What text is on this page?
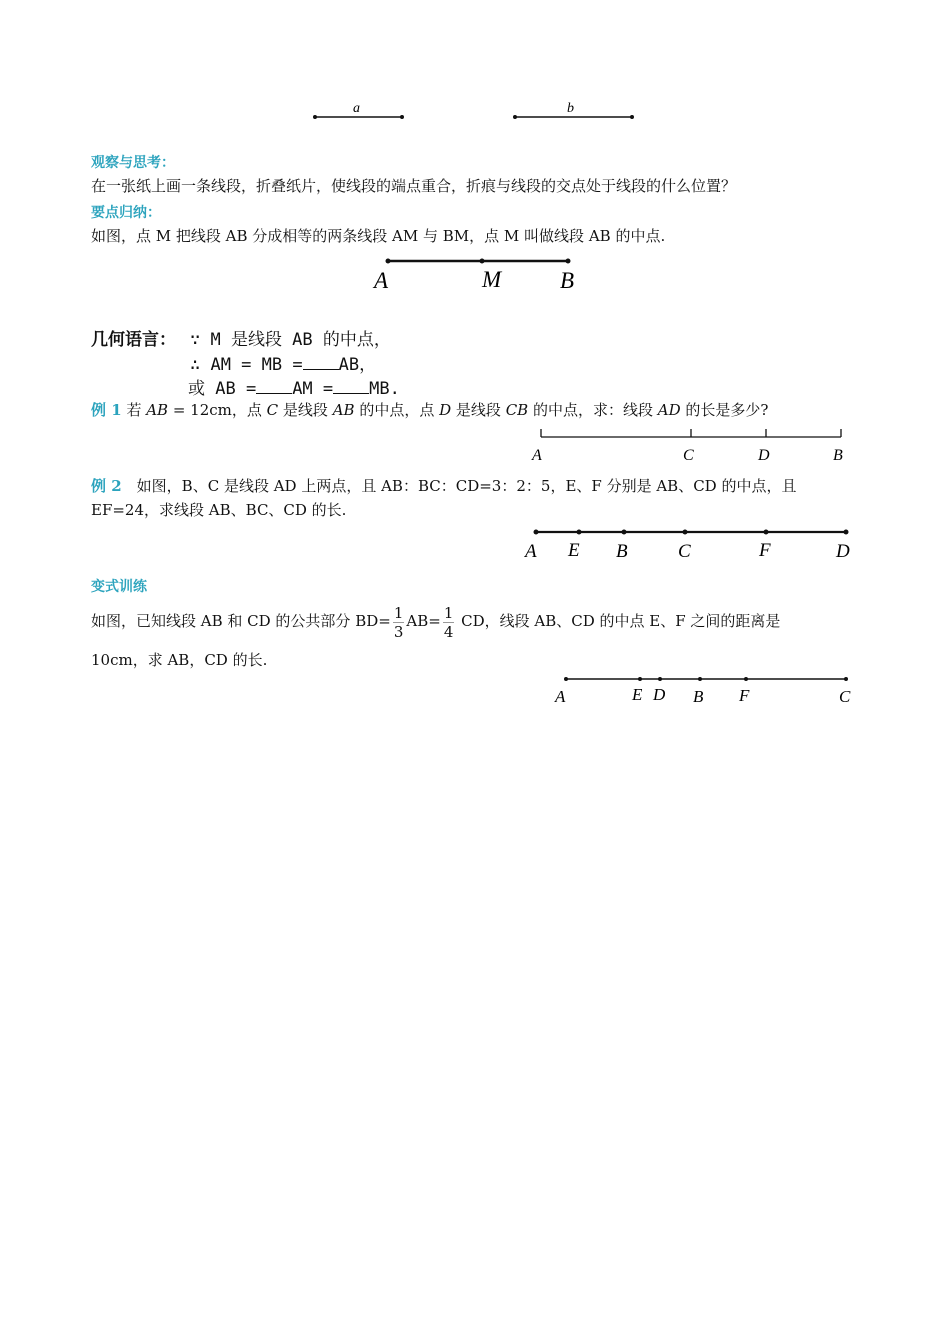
a	b
观察与思考：
在一张纸上画一条线段，折叠纸片，使线段的端点重合，折痕与线段的交点处于线段的什么位置？
要点归纳：
如图，点 M 把线段 AB 分成相等的两条线段 AM 与 BM，点 M 叫做线段 AB 的中点.
A	M	B
几何语言： ∵ M 是线段 AB 的中点，
∴ AM = MB = AB，
或 AB = AM = MB.
例 1 若 AB = 12cm，点 C 是线段 AB 的中点，点 D 是线段 CB 的中点，求：线段 AD 的长是多少?
A	C	D	B
例 2　如图，B、C 是线段 AD 上两点，且 AB：BC：CD=3：2：5，E、F 分别是 AB、CD 的中点，且
EF=24，求线段 AB、BC、CD 的长.
A E B	C	F	D
变式训练
如图，已知线段 AB 和 CD 的公共部分 $BD= \frac{1}{3} AB= \frac{1}{4}$ CD，线段 AB、CD 的中点 E、F 之间的距离是
10cm，求 AB，CD 的长.
A	E D B F	C
